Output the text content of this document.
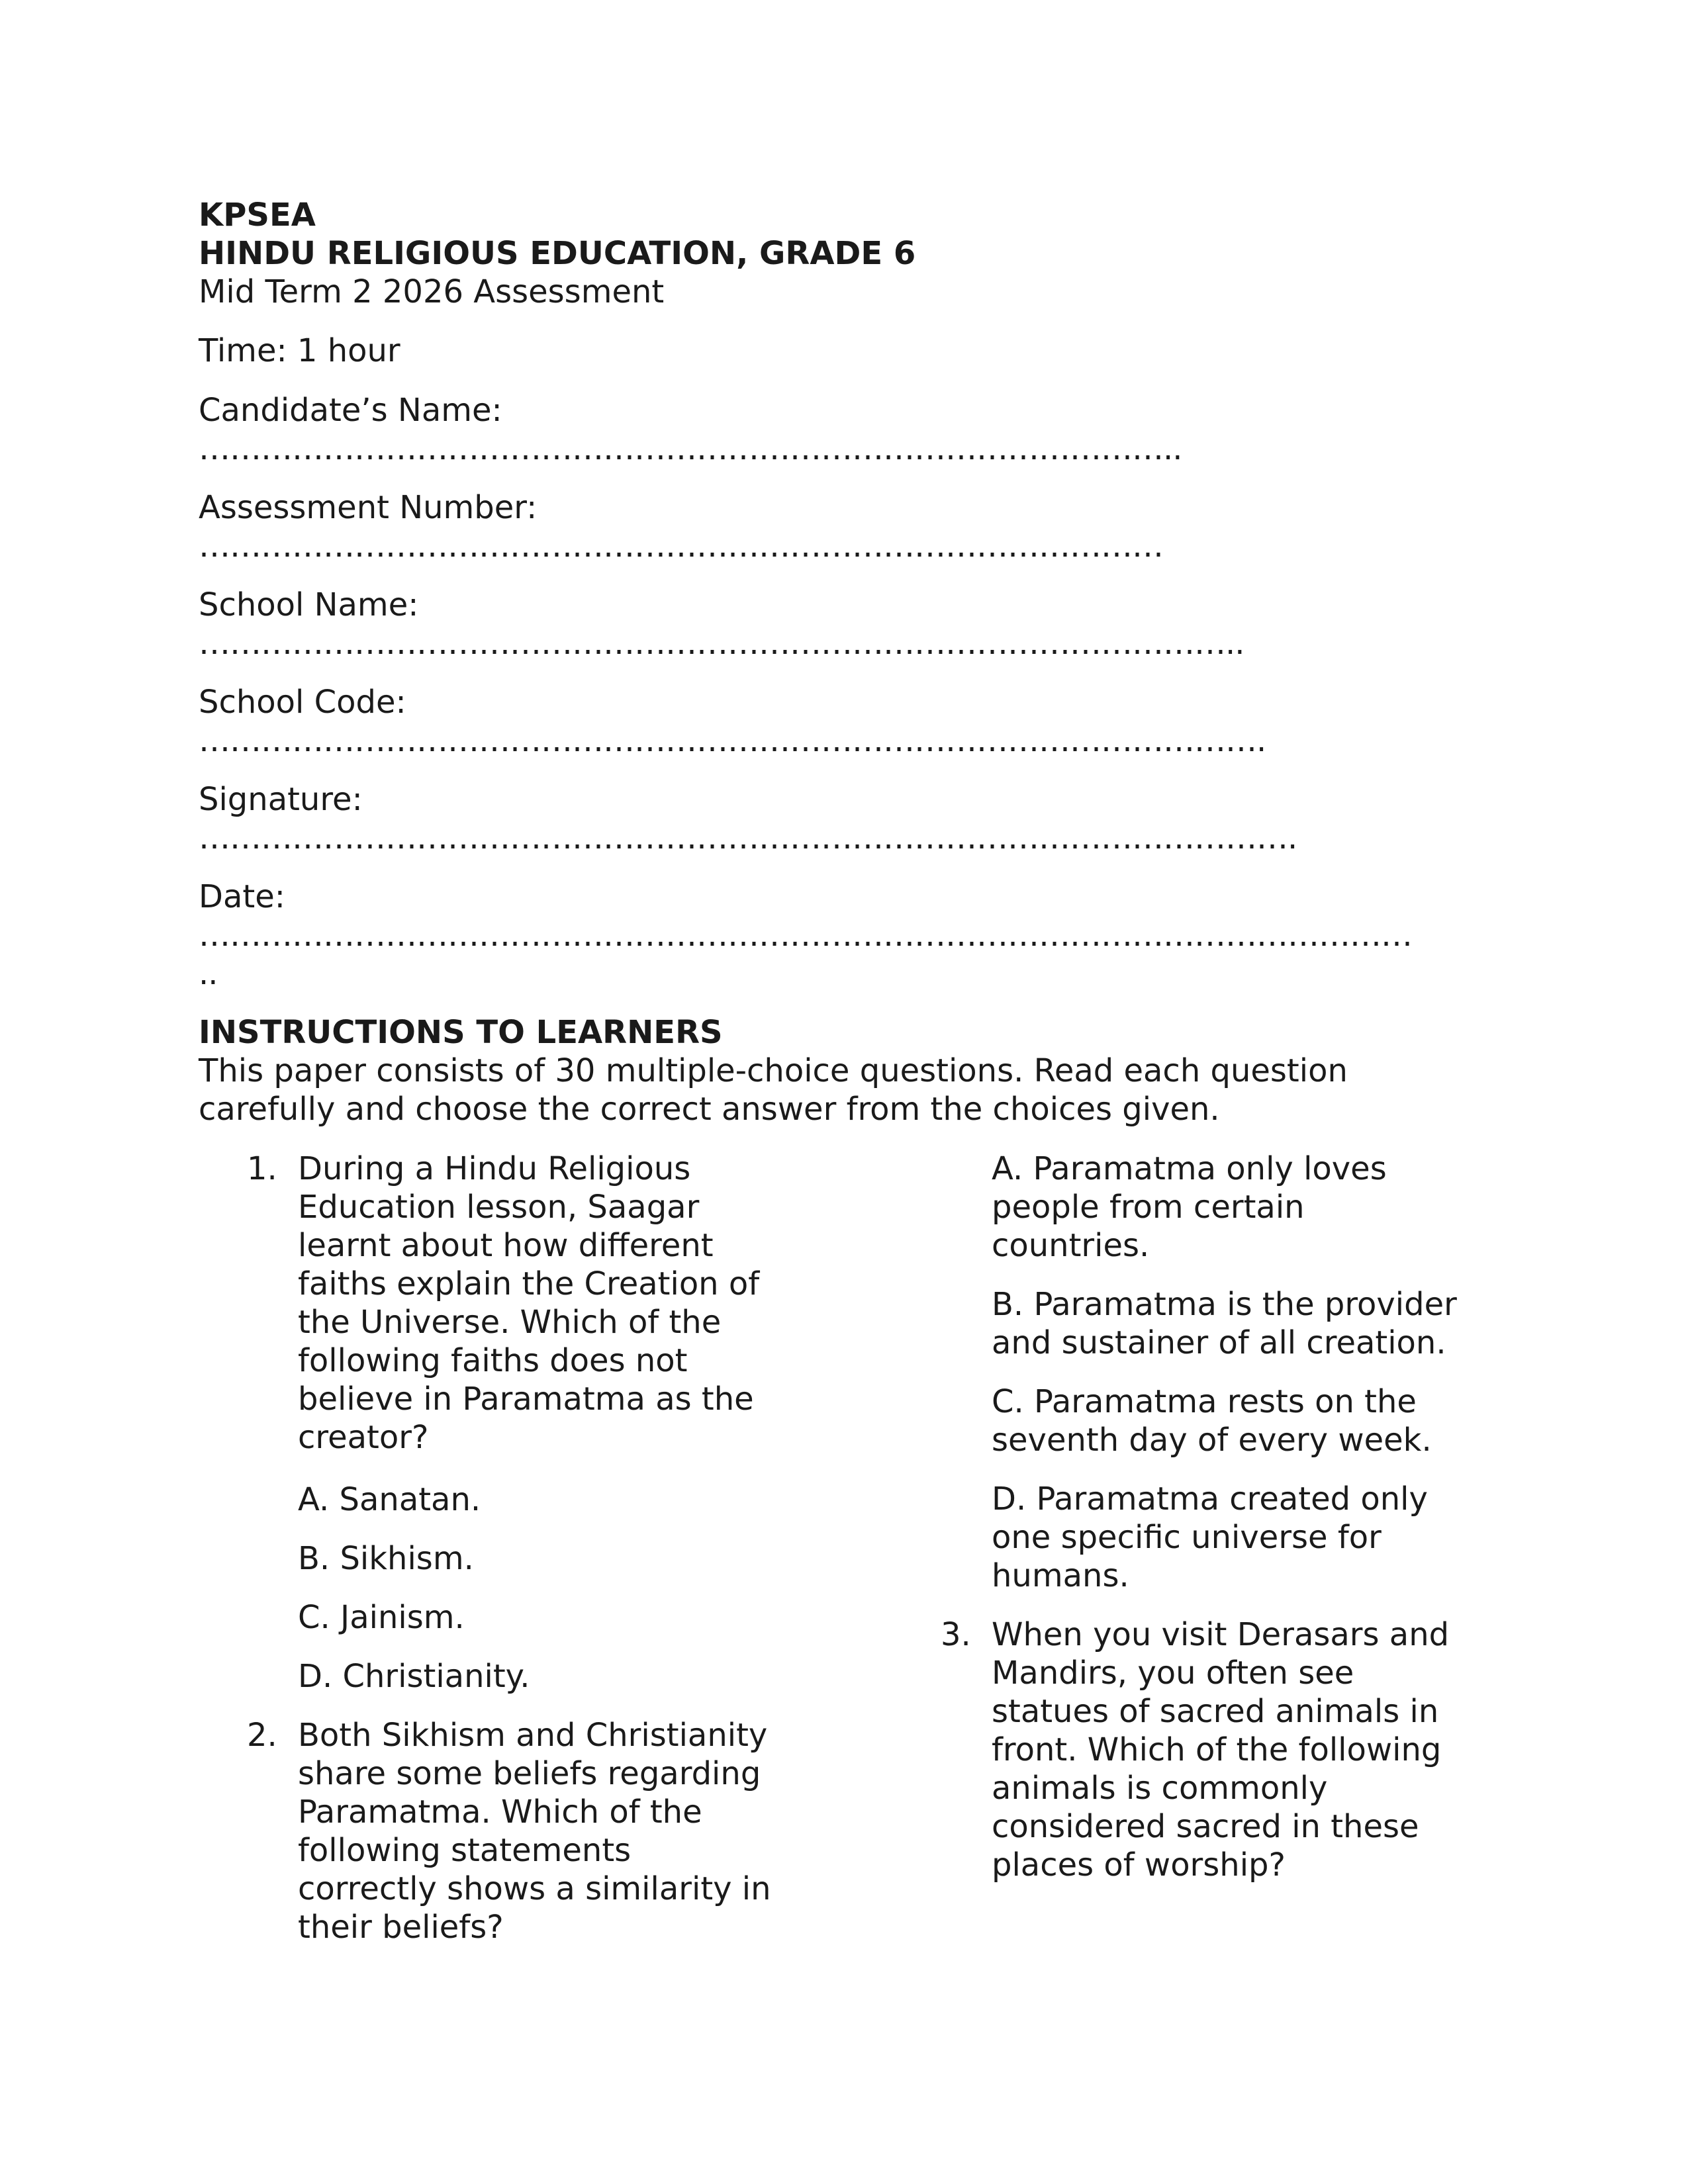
KPSEA
HINDU RELIGIOUS EDUCATION, GRADE 6
Mid Term 2 2026 Assessment
Time: 1 hour
Candidate’s Name:
…………………………………………………………………………………..
Assessment Number:
…………………………………………………………………………………
School Name:
………………………………………………………………………………………..
School Code:
………………………………………………………………………………………….
Signature:
…………………………………………………………………………………………….
Date:
………………………………………………………………………………………………………
..
INSTRUCTIONS TO LEARNERS
This paper consists of 30 multiple-choice questions. Read each question
carefully and choose the correct answer from the choices given.
1. During a Hindu Religious
Education lesson, Saagar
learnt about how different
faiths explain the Creation of
the Universe. Which of the
following faiths does not
believe in Paramatma as the
creator?
A. Sanatan.
B. Sikhism.
C. Jainism.
D. Christianity.
2. Both Sikhism and Christianity
share some beliefs regarding
Paramatma. Which of the
following statements
correctly shows a similarity in
their beliefs?
A. Paramatma only loves
people from certain
countries.
B. Paramatma is the provider
and sustainer of all creation.
C. Paramatma rests on the
seventh day of every week.
D. Paramatma created only
one specific universe for
humans.
3. When you visit Derasars and
Mandirs, you often see
statues of sacred animals in
front. Which of the following
animals is commonly
considered sacred in these
places of worship?
